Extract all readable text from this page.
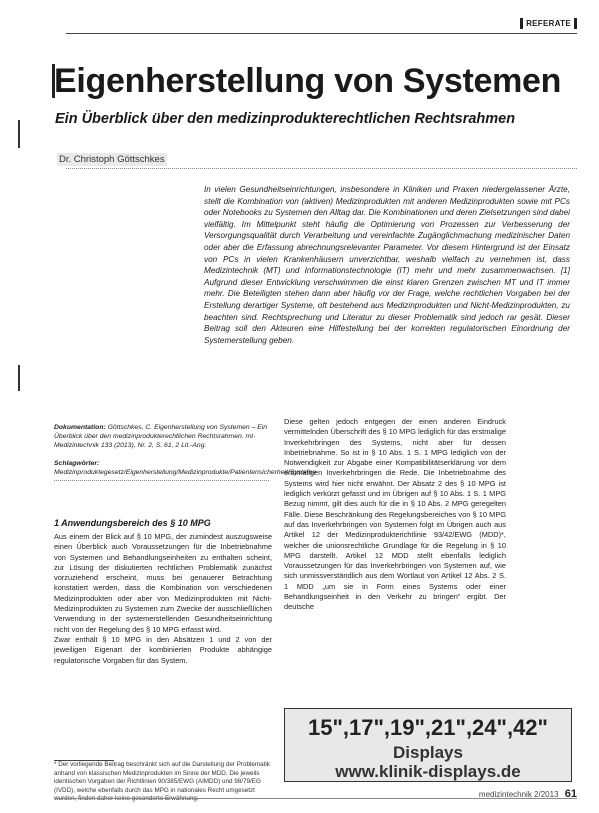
REFERATE
Eigenherstellung von Systemen
Ein Überblick über den medizinprodukterechtlichen Rechtsrahmen
Dr. Christoph Göttschkes
In vielen Gesundheitseinrichtungen, insbesondere in Kliniken und Praxen niedergelassener Ärzte, stellt die Kombination von (aktiven) Medizinprodukten mit anderen Medizinprodukten sowie mit PCs oder Notebooks zu Systemen den Alltag dar. Die Kombinationen und deren Zielsetzungen sind dabei vielfältig. Im Mittelpunkt steht häufig die Optimierung von Prozessen zur Verbesserung der Versorgungsqualität durch Verarbeitung und vereinfachte Zugänglichmachung medizinischer Daten oder aber die Erfassung abrechnungsrelevanter Parameter. Vor diesem Hintergrund ist der Einsatz von PCs in vielen Krankenhäusern unverzichtbar, weshalb vielfach zu vernehmen ist, dass Medizintechnik (MT) und Informationstechnologie (IT) mehr und mehr zusammenwachsen. [1] Aufgrund dieser Entwicklung verschwimmen die einst klaren Grenzen zwischen MT und IT immer mehr. Die Beteiligten stehen dann aber häufig vor der Frage, welche rechtlichen Vorgaben bei der Erstellung derartiger Systeme, oft bestehend aus Medizinprodukten und Nicht-Medizinprodukten, zu beachten sind. Rechtsprechung und Literatur zu dieser Problematik sind jedoch rar gesät. Dieser Beitrag soll den Akteuren eine Hilfestellung bei der korrekten regulatorischen Einordnung der Systemerstellung geben.
Dokumentation: Göttschkes, C. Eigenherstellung von Systemen – Ein Überblick über den medizinprodukterechtlichen Rechtsrahmen. mt-Medizintechnik 133 (2013), Nr. 2, S. 61, 2 Lit.-Ang.
Schlagwörter: Medizinproduktegesetz/Eigenherstellung/Medizinprodukte/Patientensicherheit/Systeme
1 Anwendungsbereich des § 10 MPG
Aus einem der Blick auf § 10 MPG, der zumindest auszugsweise einen Überblick auch Voraussetzungen für die Inbetriebnahme von Systemen und Behandlungseinheiten zu enthalten scheint, zur Lösung der diskutierten rechtlichen Problematik zunächst vorzuziehend erscheint, muss bei genauerer Betrachtung konstatiert werden, dass die Kombination von verschiedenen Medizinprodukten oder aber von Medizinprodukten mit Nicht-Medizinprodukten zu Systemen zum Zwecke der ausschließlichen Verwendung in der systemerstellenden Gesundheitseinrichtung nicht von der Regelung des § 10 MPG erfasst wird.
Zwar enthält § 10 MPG in den Absätzen 1 und 2 von der jeweiligen Eigenart der kombinierten Produkte abhängige regulatorische Vorgaben für das System.
Diese gelten jedoch entgegen der einen anderen Eindruck vermittelnden Überschrift des § 10 MPG lediglich für das erstmalige Inverkehrbringen des Systems, nicht aber für dessen Inbetriebnahme. So ist in § 10 Abs. 1 S. 1 MPG lediglich von der Notwendigkeit zur Abgabe einer Kompatibilitätserklärung vor dem erstmaligen Inverkehrbringen die Rede. Die Inbetriebnahme des Systems wird hier nicht erwähnt. Der Absatz 2 des § 10 MPG ist lediglich verkürzt gefasst und im Übrigen auf § 10 Abs. 1 S. 1 MPG Bezug nimmt, gilt dies auch für die in § 10 Abs. 2 MPG geregelten Fälle. Diese Beschränkung des Regelungsbereiches von § 10 MPG auf das Inverkehrbringen von Systemen folgt im Übrigen auch aus Artikel 12 der Medizinprodukterichtlinie 93/42/EWG (MDD)*, welcher die unionsrechtliche Grundlage für die Regelung in § 10 MPG darstellt. Artikel 12 MDD stellt ebenfalls lediglich Voraussetzungen für das Inverkehrbringen von Systemen auf, wie sich unmissverständlich aus dem Wortlaut von Artikel 12 Abs. 2 S. 1 MDD „um sie in Form eines Systems oder einer Behandlungseinheit in den Verkehr zu bringen“ ergibt. Der deutsche
* Der vorliegende Beitrag beschränkt sich auf die Darstellung der Problematik anhand von klassischen Medizinprodukten im Sinne der MDD. Die jeweils identischen Vorgaben der Richtlinien 90/385/EWG (AIMDD) und 98/79/EG (IVDD), welche ebenfalls durch das MPG in nationales Recht umgesetzt wurden, finden daher keine gesonderte Erwähnung.
15",17",19",21",24",42"
Displays
www.klinik-displays.de
medizintechnik 2/2013 61
